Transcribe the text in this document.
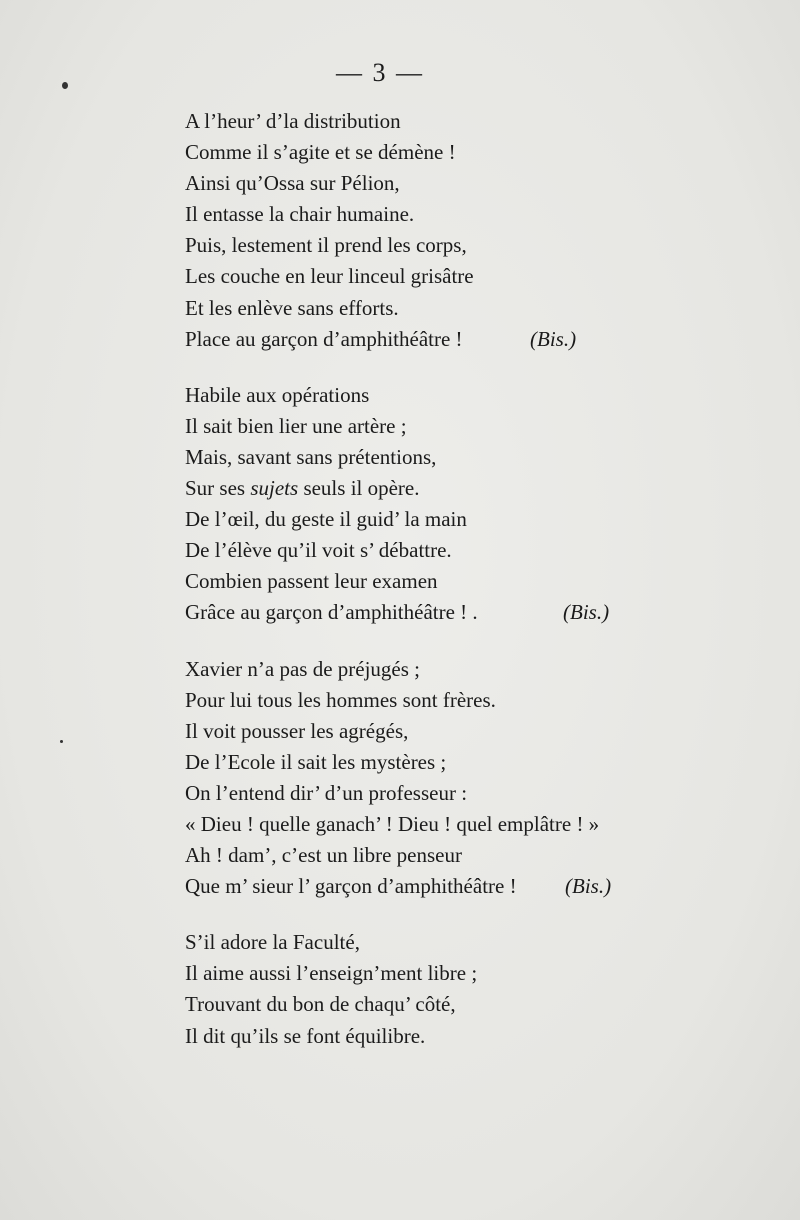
— 3 —
A l’heur’ d’la distribution
Comme il s’agite et se démène !
Ainsi qu’Ossa sur Pélion,
Il entasse la chair humaine.
Puis, lestement il prend les corps,
Les couche en leur linceul grisâtre
Et les enlève sans efforts.
Place au garçon d’amphithéâtre !	(Bis.)
Habile aux opérations
Il sait bien lier une artère ;
Mais, savant sans prétentions,
Sur ses sujets seuls il opère.
De l’œil, du geste il guid’ la main
De l’élève qu’il voit s’ débattre.
Combien passent leur examen
Grâce au garçon d’amphithéâtre ! .	(Bis.)
Xavier n’a pas de préjugés ;
Pour lui tous les hommes sont frères.
Il voit pousser les agrégés,
De l’Ecole il sait les mystères ;
On l’entend dir’ d’un professeur :
« Dieu ! quelle ganach’ ! Dieu ! quel emplâtre ! »
Ah ! dam’, c’est un libre penseur
Que m’ sieur l’ garçon d’amphithéâtre ! (Bis.)
S’il adore la Faculté,
Il aime aussi l’enseign’ment libre ;
Trouvant du bon de chaqu’ côté,
Il dit qu’ils se font équilibre.
